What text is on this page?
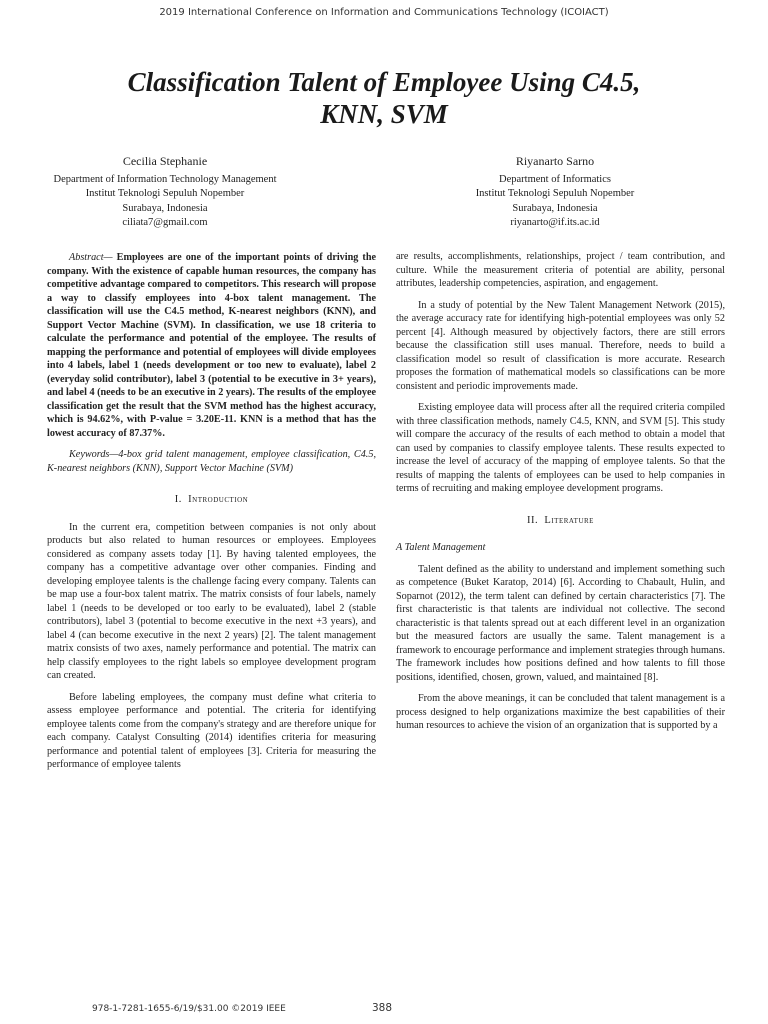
2019 International Conference on Information and Communications Technology (ICOIACT)
Classification Talent of Employee Using C4.5,
KNN, SVM
Cecilia Stephanie
Department of Information Technology Management
Institut Teknologi Sepuluh Nopember
Surabaya, Indonesia
ciliata7@gmail.com
Riyanarto Sarno
Department of Informatics
Institut Teknologi Sepuluh Nopember
Surabaya, Indonesia
riyanarto@if.its.ac.id

Abstract— Employees are one of the important points of driving the company. With the existence of capable human resources, the company has competitive advantage compared to competitors. This research will propose a way to classify employees into 4-box talent management. The classification will use the C4.5 method, K-nearest neighbors (KNN), and Support Vector Machine (SVM). In classification, we use 18 criteria to calculate the performance and potential of the employee. The results of mapping the performance and potential of employees will divide employees into 4 labels, label 1 (needs development or too new to evaluate), label 2 (everyday solid contributor), label 3 (potential to be executive in 3+ years), and label 4 (needs to be an executive in 2 years). The results of the employee classification get the result that the SVM method has the highest accuracy, which is 94.62%, with P-value = 3.20E-11. KNN is a method that has the lowest accuracy of 87.37%.

Keywords—4-box grid talent management, employee classification, C4.5, K-nearest neighbors (KNN), Support Vector Machine (SVM)

I. Introduction

In the current era, competition between companies is not only about products but also related to human resources or employees. Employees considered as company assets today [1]. By having talented employees, the company has a competitive advantage over other companies. Finding and developing employee talents is the challenge facing every company. Talents can be map use a four-box talent matrix. The matrix consists of four labels, namely label 1 (needs to be developed or too early to be evaluated), label 2 (stable contributors), label 3 (potential to become executive in the next +3 years), and label 4 (can become executive in the next 2 years) [2]. The talent management matrix consists of two axes, namely performance and potential. The matrix can help classify employees to the right labels so employee development program can created.

Before labeling employees, the company must define what criteria to assess employee performance and potential. The criteria for identifying employee talents come from the company's strategy and are therefore unique for each company. Catalyst Consulting (2014) identifies criteria for measuring performance and potential talent of employees [3]. Criteria for measuring the performance of employee talents

are results, accomplishments, relationships, project / team contribution, and culture. While the measurement criteria of potential are ability, personal attributes, leadership competencies, aspiration, and engagement.

In a study of potential by the New Talent Management Network (2015), the average accuracy rate for identifying high-potential employees was only 52 percent [4]. Although measured by objectively factors, there are still errors because the classification still uses manual. Therefore, needs to build a classification model so result of classification is more accurate. Research proposes the formation of mathematical models so classifications can be more consistent and periodic improvements made.

Existing employee data will process after all the required criteria compiled with three classification methods, namely C4.5, KNN, and SVM [5]. This study will compare the accuracy of the results of each method to obtain a model that can used by companies to classify employee talents. These results expected to increase the level of accuracy of the mapping of employee talents. So that the results of mapping the talents of employees can be used to help companies in terms of recruiting and making employee development programs.

II. Literature
A Talent Management

Talent defined as the ability to understand and implement something such as competence (Buket Karatop, 2014) [6]. According to Chabault, Hulin, and Soparnot (2012), the term talent can defined by certain characteristics [7]. The first characteristic is that talents are individual not collective. The second characteristic is that talents spread out at each different level in an organization but the measured factors are usually the same. Talent management is a framework to encourage performance and implement strategies through humans. The framework includes how positions defined and how talents to fill those positions, identified, chosen, grown, valued, and maintained [8].

From the above meanings, it can be concluded that talent management is a process designed to help organizations maximize the best capabilities of their human resources to achieve the vision of an organization that is supported by a

978-1-7281-1655-6/19/$31.00 ©2019 IEEE	388
